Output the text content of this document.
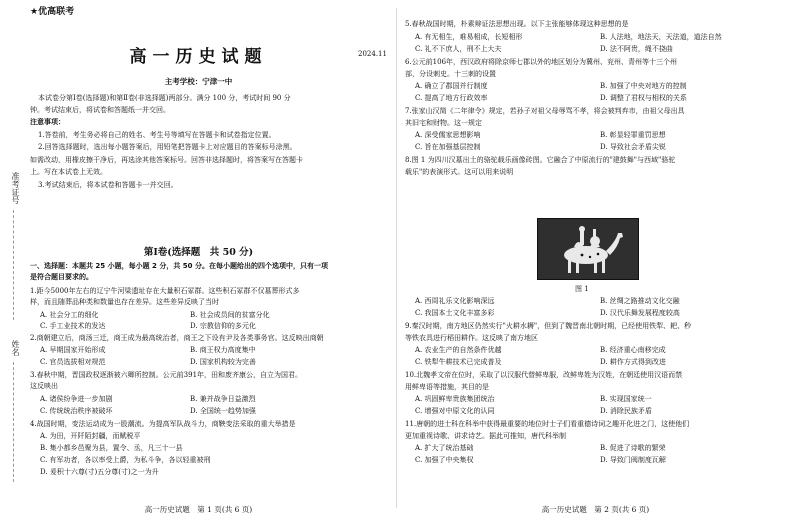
准考证号
姓名
★优高联考
高一历史试题	2024.11
主考学校：宁津一中
本试卷分第Ⅰ卷(选择题)和第Ⅱ卷(非选择题)两部分。满分 100 分，考试时间 90 分
钟。考试结束后，将试卷和答题纸一并交回。
注意事项：
1.答卷前，考生务必将自己的姓名、考生号等填写在答题卡和试卷指定位置。
2.回答选择题时，选出每小题答案后，用铅笔把答题卡上对应题目的答案标号涂黑。
如需改动，用橡皮擦干净后，再选涂其他答案标号。回答非选择题时，将答案写在答题卡
上。写在本试卷上无效。
3.考试结束后，将本试卷和答题卡一并交回。
第Ⅰ卷(选择题　共 50 分)
一、选择题：本题共 25 小题，每小题 2 分，共 50 分。在每小题给出的四个选项中，只有一项
是符合题目要求的。
1.距今5000年左右的辽宁牛河梁遗址存在大量积石冢群。这些积石冢群不仅墓葬形式多
样，而且随葬品种类和数量也存在差异。这些差异反映了当时
A. 社会分工的细化	B. 社会成员间的贫富分化
C. 手工业技术的发达	D. 宗教信仰的多元化
2.商朝建立后，商汤三迁，商王成为最高统治者，商王之下设有尹及各类事务官。这反映出商朝
A. 早期国家开始形成	B. 商王权力高度集中
C. 官员选拔相对规范	D. 国家机构较为完善
3.春秋中期，晋国政权逐渐被六卿所控制。公元前391年，田和废齐康公，自立为国君。
这反映出
A. 诸侯纷争进一步加剧	B. 兼并战争日益激烈
C. 传统统治秩序被破坏	D. 全国统一趋势加强
4.战国时期，变法运动成为一股潮流。为提高军队战斗力，商鞅变法采取的重大举措是
A. 为田，开阡陌封疆，而赋税平
B. 集小都乡邑聚为县，置令、丞，凡三十一县
C. 有军功者，各以率受上爵，为私斗争，各以轻重被刑
D. 爰积十六尊(寸)五分尊(寸)之一为升
高一历史试题　第 1 页(共 6 页)
5.春秋战国时期，朴素辩证法思想出现。以下主张能够体现这种思想的是
A. 有无相生，难易相成，长短相形	B. 人法地，地法天，天法道，道法自然
C. 礼不下庶人，刑不上大夫	D. 法不阿贵，绳不挠曲
6.公元前106年，西汉政府将除京师七郡以外的地区划分为冀州、兖州、青州等十三个州
部，分设刺史。十三刺的设置
A. 确立了郡国并行制度	B. 加强了中央对地方的控制
C. 提高了地方行政效率	D. 调整了君权与相权的关系
7.张家山汉简《二年律令》规定，若孙子对祖父母辱骂不孝，将会被判弃市，由祖父母出具
其旧宅和财物。这一规定
A. 深受儒家思想影响	B. 彰显轻罪重罚思想
C. 旨在加强基层控制	D. 导致社会矛盾尖锐
8.图 1 为四川汉墓出土的骆驼载乐画像砖图。它融合了中原流行的"建鼓舞"与西域"骆驼
载乐"的表演形式。这可以用来说明
A. 西周礼乐文化影响深远	B. 丝绸之路推动文化交融
C. 我国本土文化丰富多彩	D. 汉代乐舞发展程度较高
9.秦汉时期，南方地区仍然实行"火耕水耨"，但到了魏晋南北朝时期，已经使用铁犁、耙、秒
等铁农具进行稻田耕作。这反映了南方地区
A. 农业生产的自然条件优越	B. 经济重心南移完成
C. 铁犁牛耕技术已完成普及	D. 耕作方式得到改进
10.北魏孝文帝在位时，采取了以汉服代替鲜卑服，改鲜卑姓为汉姓，在朝廷使用汉语而禁
用鲜卑语等措施，其目的是
A. 巩固鲜卑贵族集团统治	B. 实现国家统一
C. 增强对中原文化的认同	D. 消除民族矛盾
11.唐朝的进士科在科举中获得最重要的地位时士子们看重德诗词之趣开化进之门，这使他们
更加重视诗歌、讲求诗艺。据此可推知，唐代科举制
A. 扩大了统治基础	B. 促进了诗歌的繁荣
C. 加强了中央集权	D. 导致门阀制度瓦解
图 1
高一历史试题　第 2 页(共 6 页)
